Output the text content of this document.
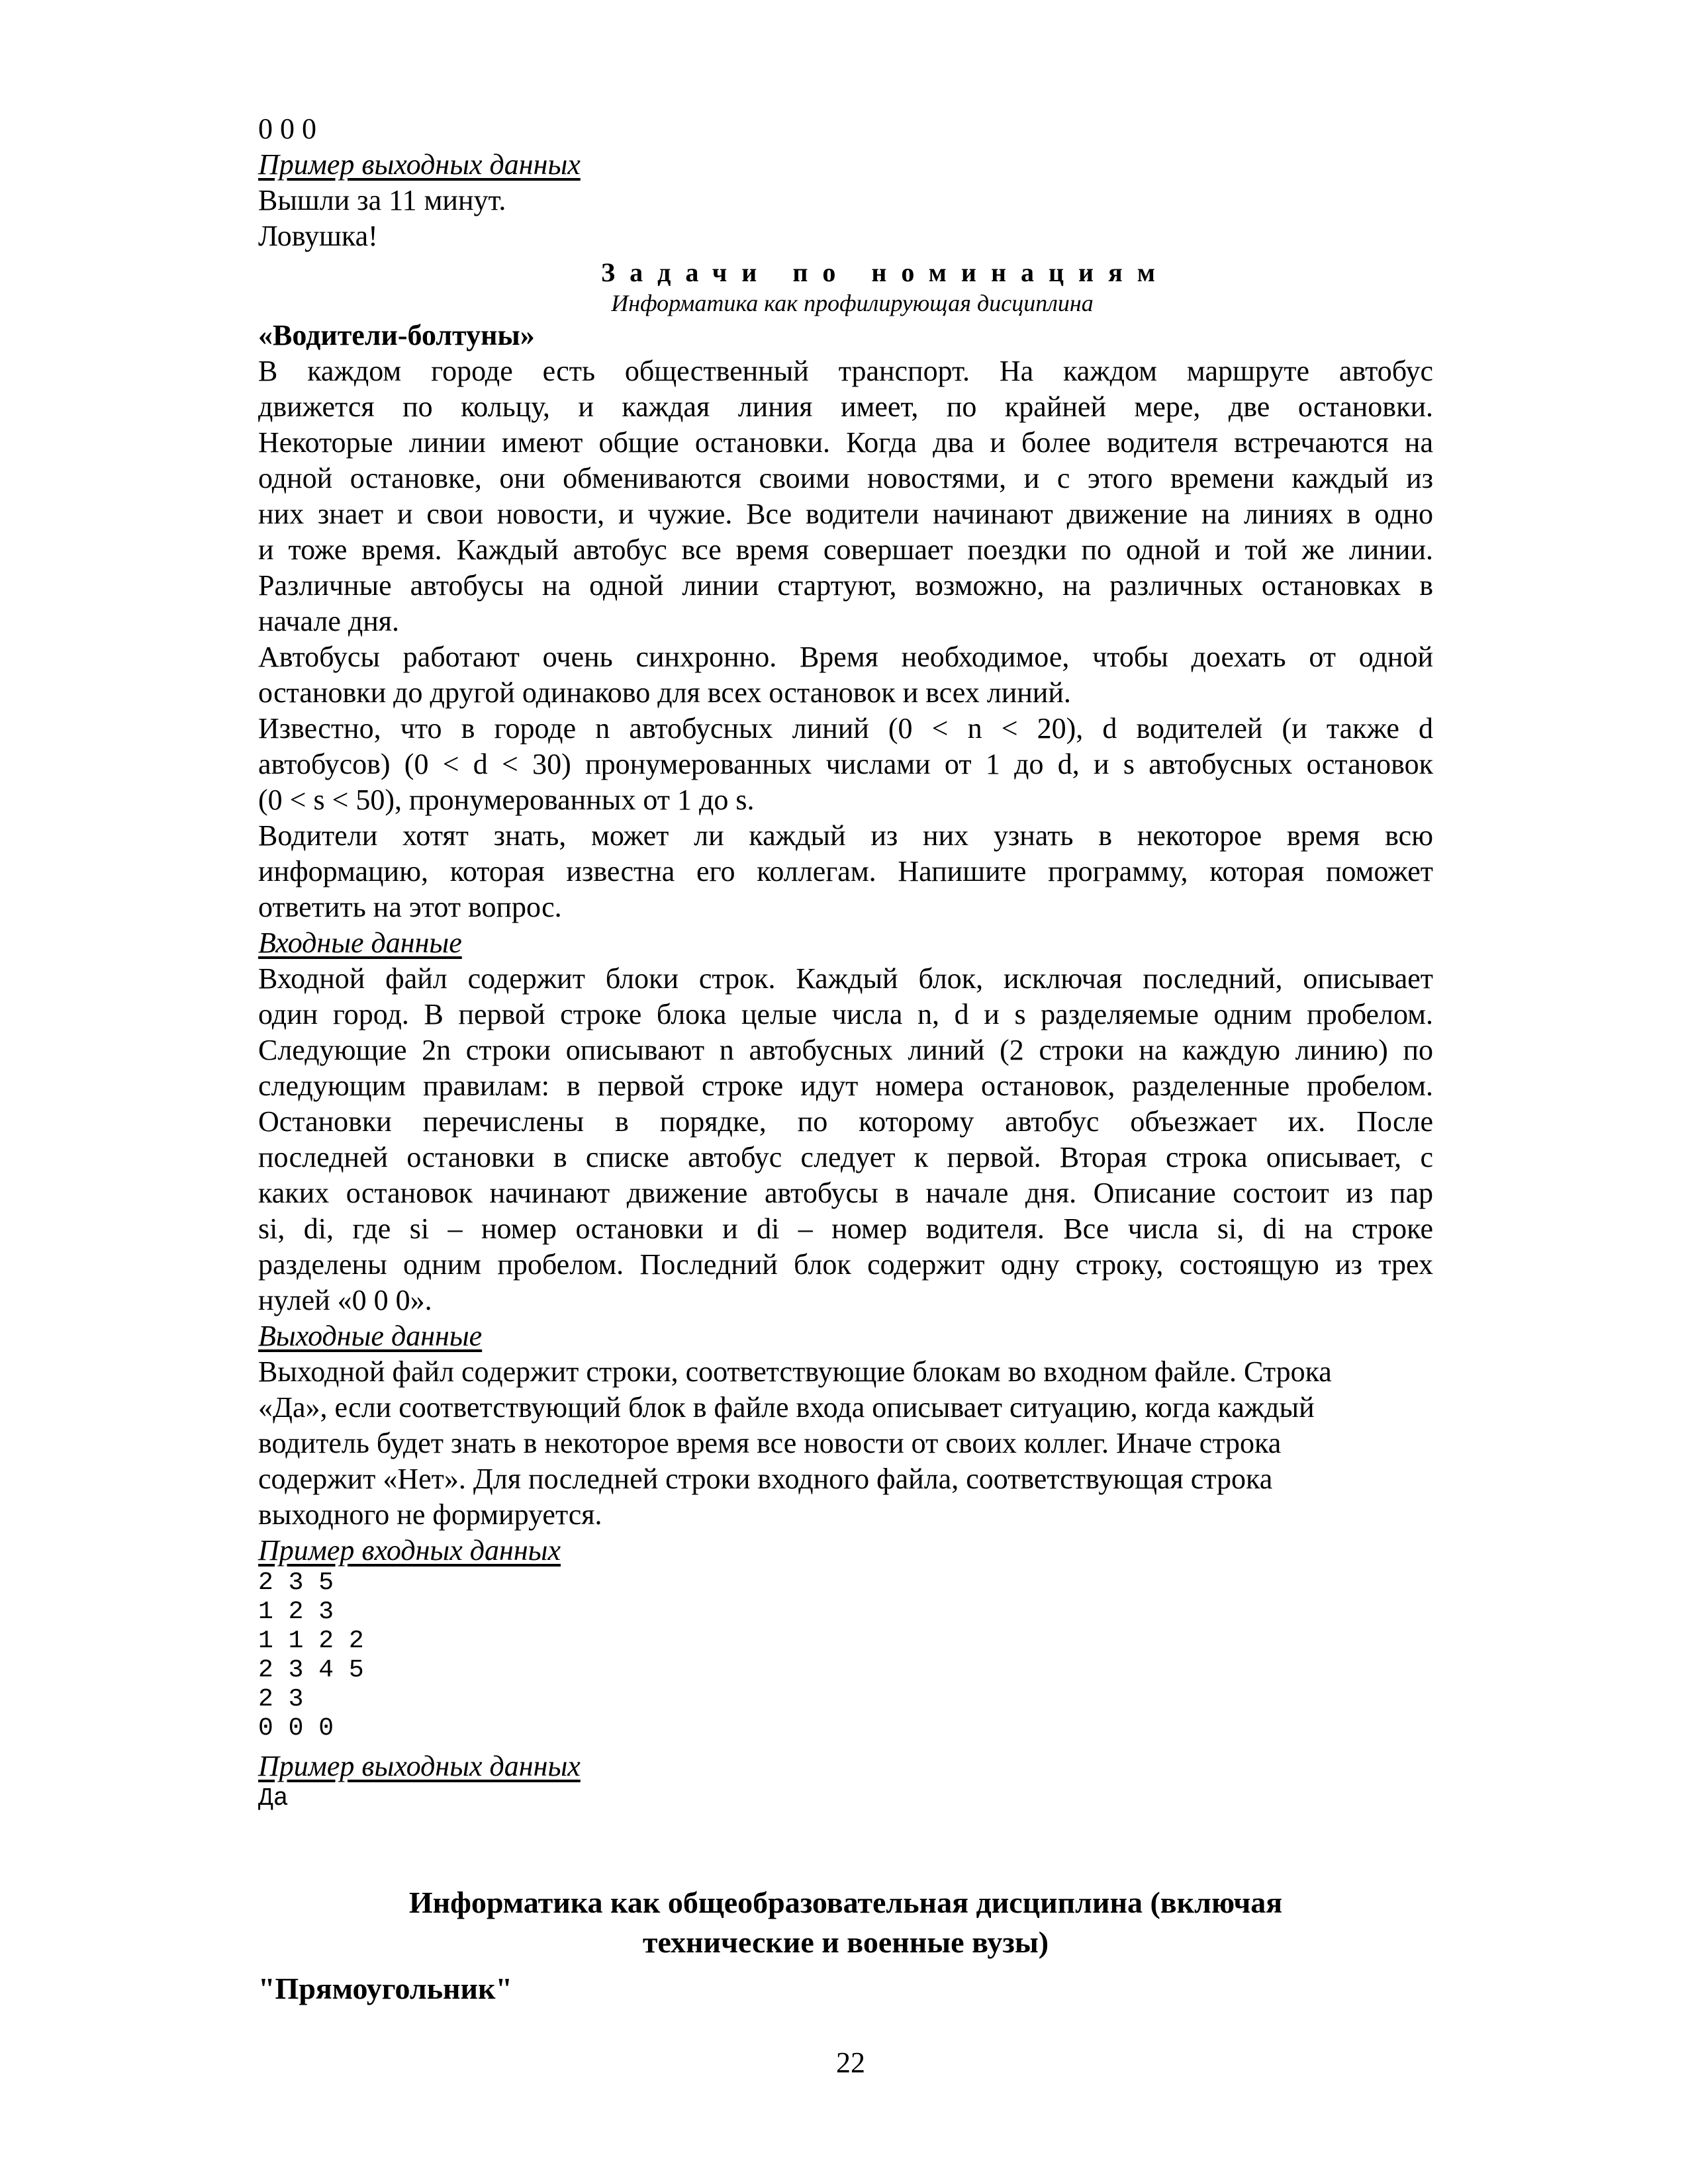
0 0 0
Пример выходных данных
Вышли за 11 минут.
Ловушка!
Задачи по номинациям
Информатика как профилирующая дисциплина
«Водители-болтуны»
В каждом городе есть общественный транспорт. На каждом маршруте автобус
движется по кольцу, и каждая линия имеет, по крайней мере, две остановки.
Некоторые линии имеют общие остановки. Когда два и более водителя встречаются на
одной остановке, они обмениваются своими новостями, и с этого времени каждый из
них знает и свои новости, и чужие. Все водители начинают движение на линиях в одно
и тоже время. Каждый автобус все время совершает поездки по одной и той же линии.
Различные автобусы на одной линии стартуют, возможно, на различных остановках в
начале дня.
Автобусы работают очень синхронно. Время необходимое, чтобы доехать от одной
остановки до другой одинаково для всех остановок и всех линий.
Известно, что в городе n автобусных линий (0 < n < 20), d водителей (и также d
автобусов) (0 < d < 30) пронумерованных числами от 1 до d, и s автобусных остановок
(0 < s < 50), пронумерованных от 1 до s.
Водители хотят знать, может ли каждый из них узнать в некоторое время всю
информацию, которая известна его коллегам. Напишите программу, которая поможет
ответить на этот вопрос.
Входные данные
Входной файл содержит блоки строк. Каждый блок, исключая последний, описывает
один город. В первой строке блока целые числа n, d и s разделяемые одним пробелом.
Следующие 2n строки описывают n автобусных линий (2 строки на каждую линию) по
следующим правилам: в первой строке идут номера остановок, разделенные пробелом.
Остановки перечислены в порядке, по которому автобус объезжает их. После
последней остановки в списке автобус следует к первой. Вторая строка описывает, с
каких остановок начинают движение автобусы в начале дня. Описание состоит из пар
si, di, где si – номер остановки и di – номер водителя. Все числа si, di на строке
разделены одним пробелом. Последний блок содержит одну строку, состоящую из трех
нулей «0 0 0».
Выходные данные
Выходной файл содержит строки, соответствующие блокам во входном файле. Строка
«Да», если соответствующий блок в файле входа описывает ситуацию, когда каждый
водитель будет знать в некоторое время все новости от своих коллег. Иначе строка
содержит «Нет». Для последней строки входного файла, соответствующая строка
выходного не формируется.
Пример входных данных
2 3 5
1 2 3
1 1 2 2
2 3 4 5
2 3
0 0 0
Пример выходных данных
Да
Информатика как общеобразовательная дисциплина (включая
технические и военные вузы)
"Прямоугольник"
22
